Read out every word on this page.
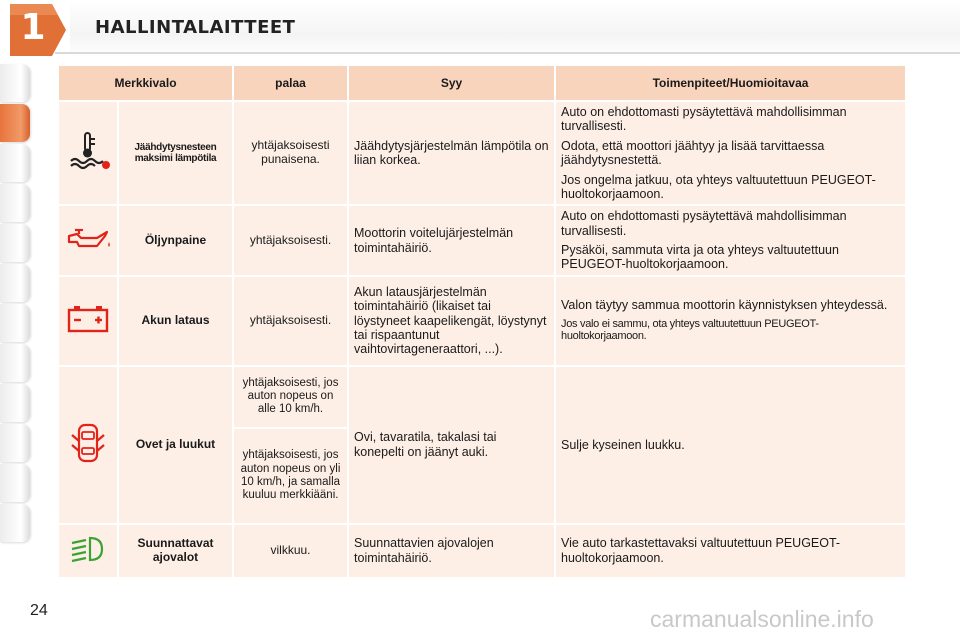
1	HALLINTALAITTEET
Merkkivalo		palaa	Syy	Toimenpiteet/Huomioitavaa
	Jäähdytysnesteen maksimi lämpötila	yhtäjaksoisesti punaisena.	Jäähdytysjärjestelmän lämpötila on liian korkea.	Auto on ehdottomasti pysäytettävä mahdollisimman turvallisesti.

Odota, että moottori jäähtyy ja lisää tarvittaessa jäähdytysnestettä.

Jos ongelma jatkuu, ota yhteys valtuutettuun PEUGEOT-huoltokorjaamoon.

	Öljynpaine	yhtäjaksoisesti.	Moottorin voitelujärjestelmän toimintahäiriö.	Auto on ehdottomasti pysäytettävä mahdollisimman turvallisesti.

Pysäköi, sammuta virta ja ota yhteys valtuutettuun PEUGEOT-huoltokorjaamoon.

	Akun lataus	yhtäjaksoisesti.	Akun latausjärjestelmän toimintahäiriö (likaiset tai löystyneet kaapelikengät, löystynyt tai rispaantunut vaihtovirtageneraattori, ...).	Valon täytyy sammua moottorin käynnistyksen yhteydessä.

Jos valo ei sammu, ota yhteys valtuutettuun PEUGEOT-huoltokorjaamoon.

	Ovet ja luukut	yhtäjaksoisesti, jos auton nopeus on alle 10 km/h.	Ovi, tavaratila, takalasi tai konepelti on jäänyt auki.	Sulje kyseinen luukku.

		yhtäjaksoisesti, jos auton nopeus on yli 10 km/h, ja samalla kuuluu merkkiääni.		
	Suunnattavat ajovalot	vilkkuu.	Suunnattavien ajovalojen toimintahäiriö.	Vie auto tarkastettavaksi valtuutettuun PEUGEOT-huoltokorjaamoon.

24	carmanualsonline.info
